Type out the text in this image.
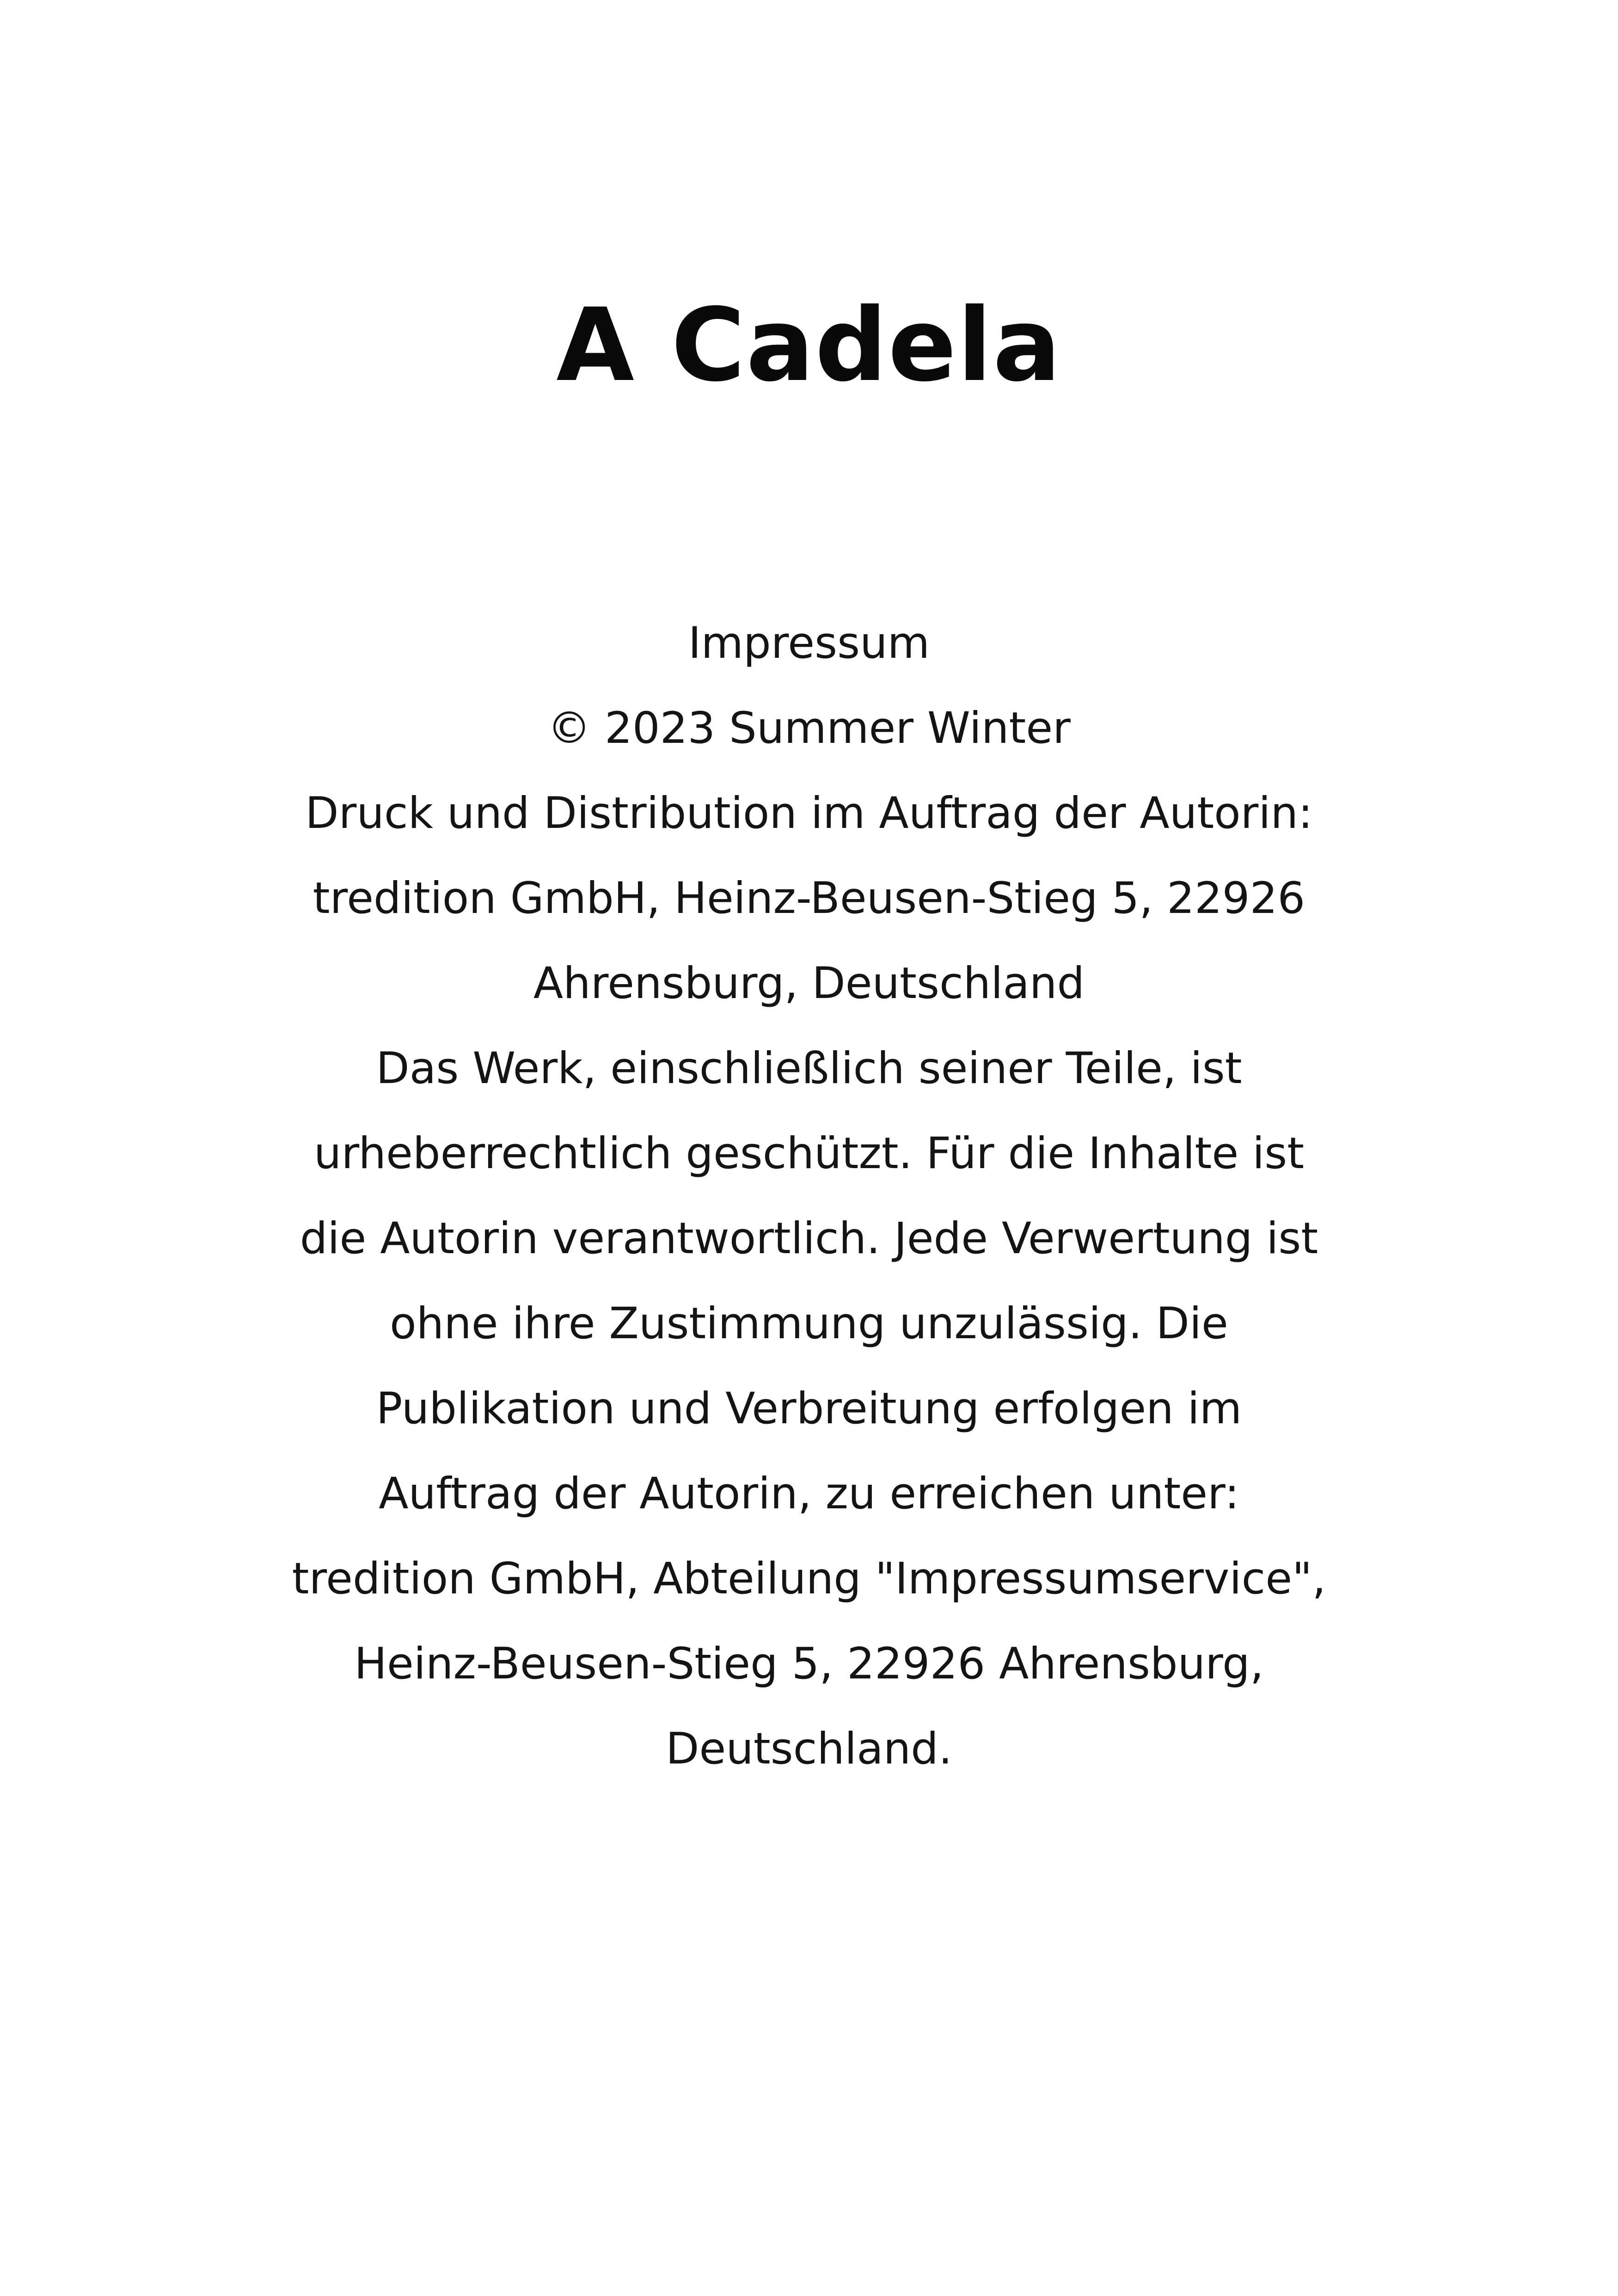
A Cadela
Impressum
© 2023 Summer Winter
Druck und Distribution im Auftrag der Autorin:
tredition GmbH, Heinz-Beusen-Stieg 5, 22926
Ahrensburg, Deutschland
Das Werk, einschließlich seiner Teile, ist
urheberrechtlich geschützt. Für die Inhalte ist
die Autorin verantwortlich. Jede Verwertung ist
ohne ihre Zustimmung unzulässig. Die
Publikation und Verbreitung erfolgen im
Auftrag der Autorin, zu erreichen unter:
tredition GmbH, Abteilung "Impressumservice",
Heinz-Beusen-Stieg 5, 22926 Ahrensburg,
Deutschland.
